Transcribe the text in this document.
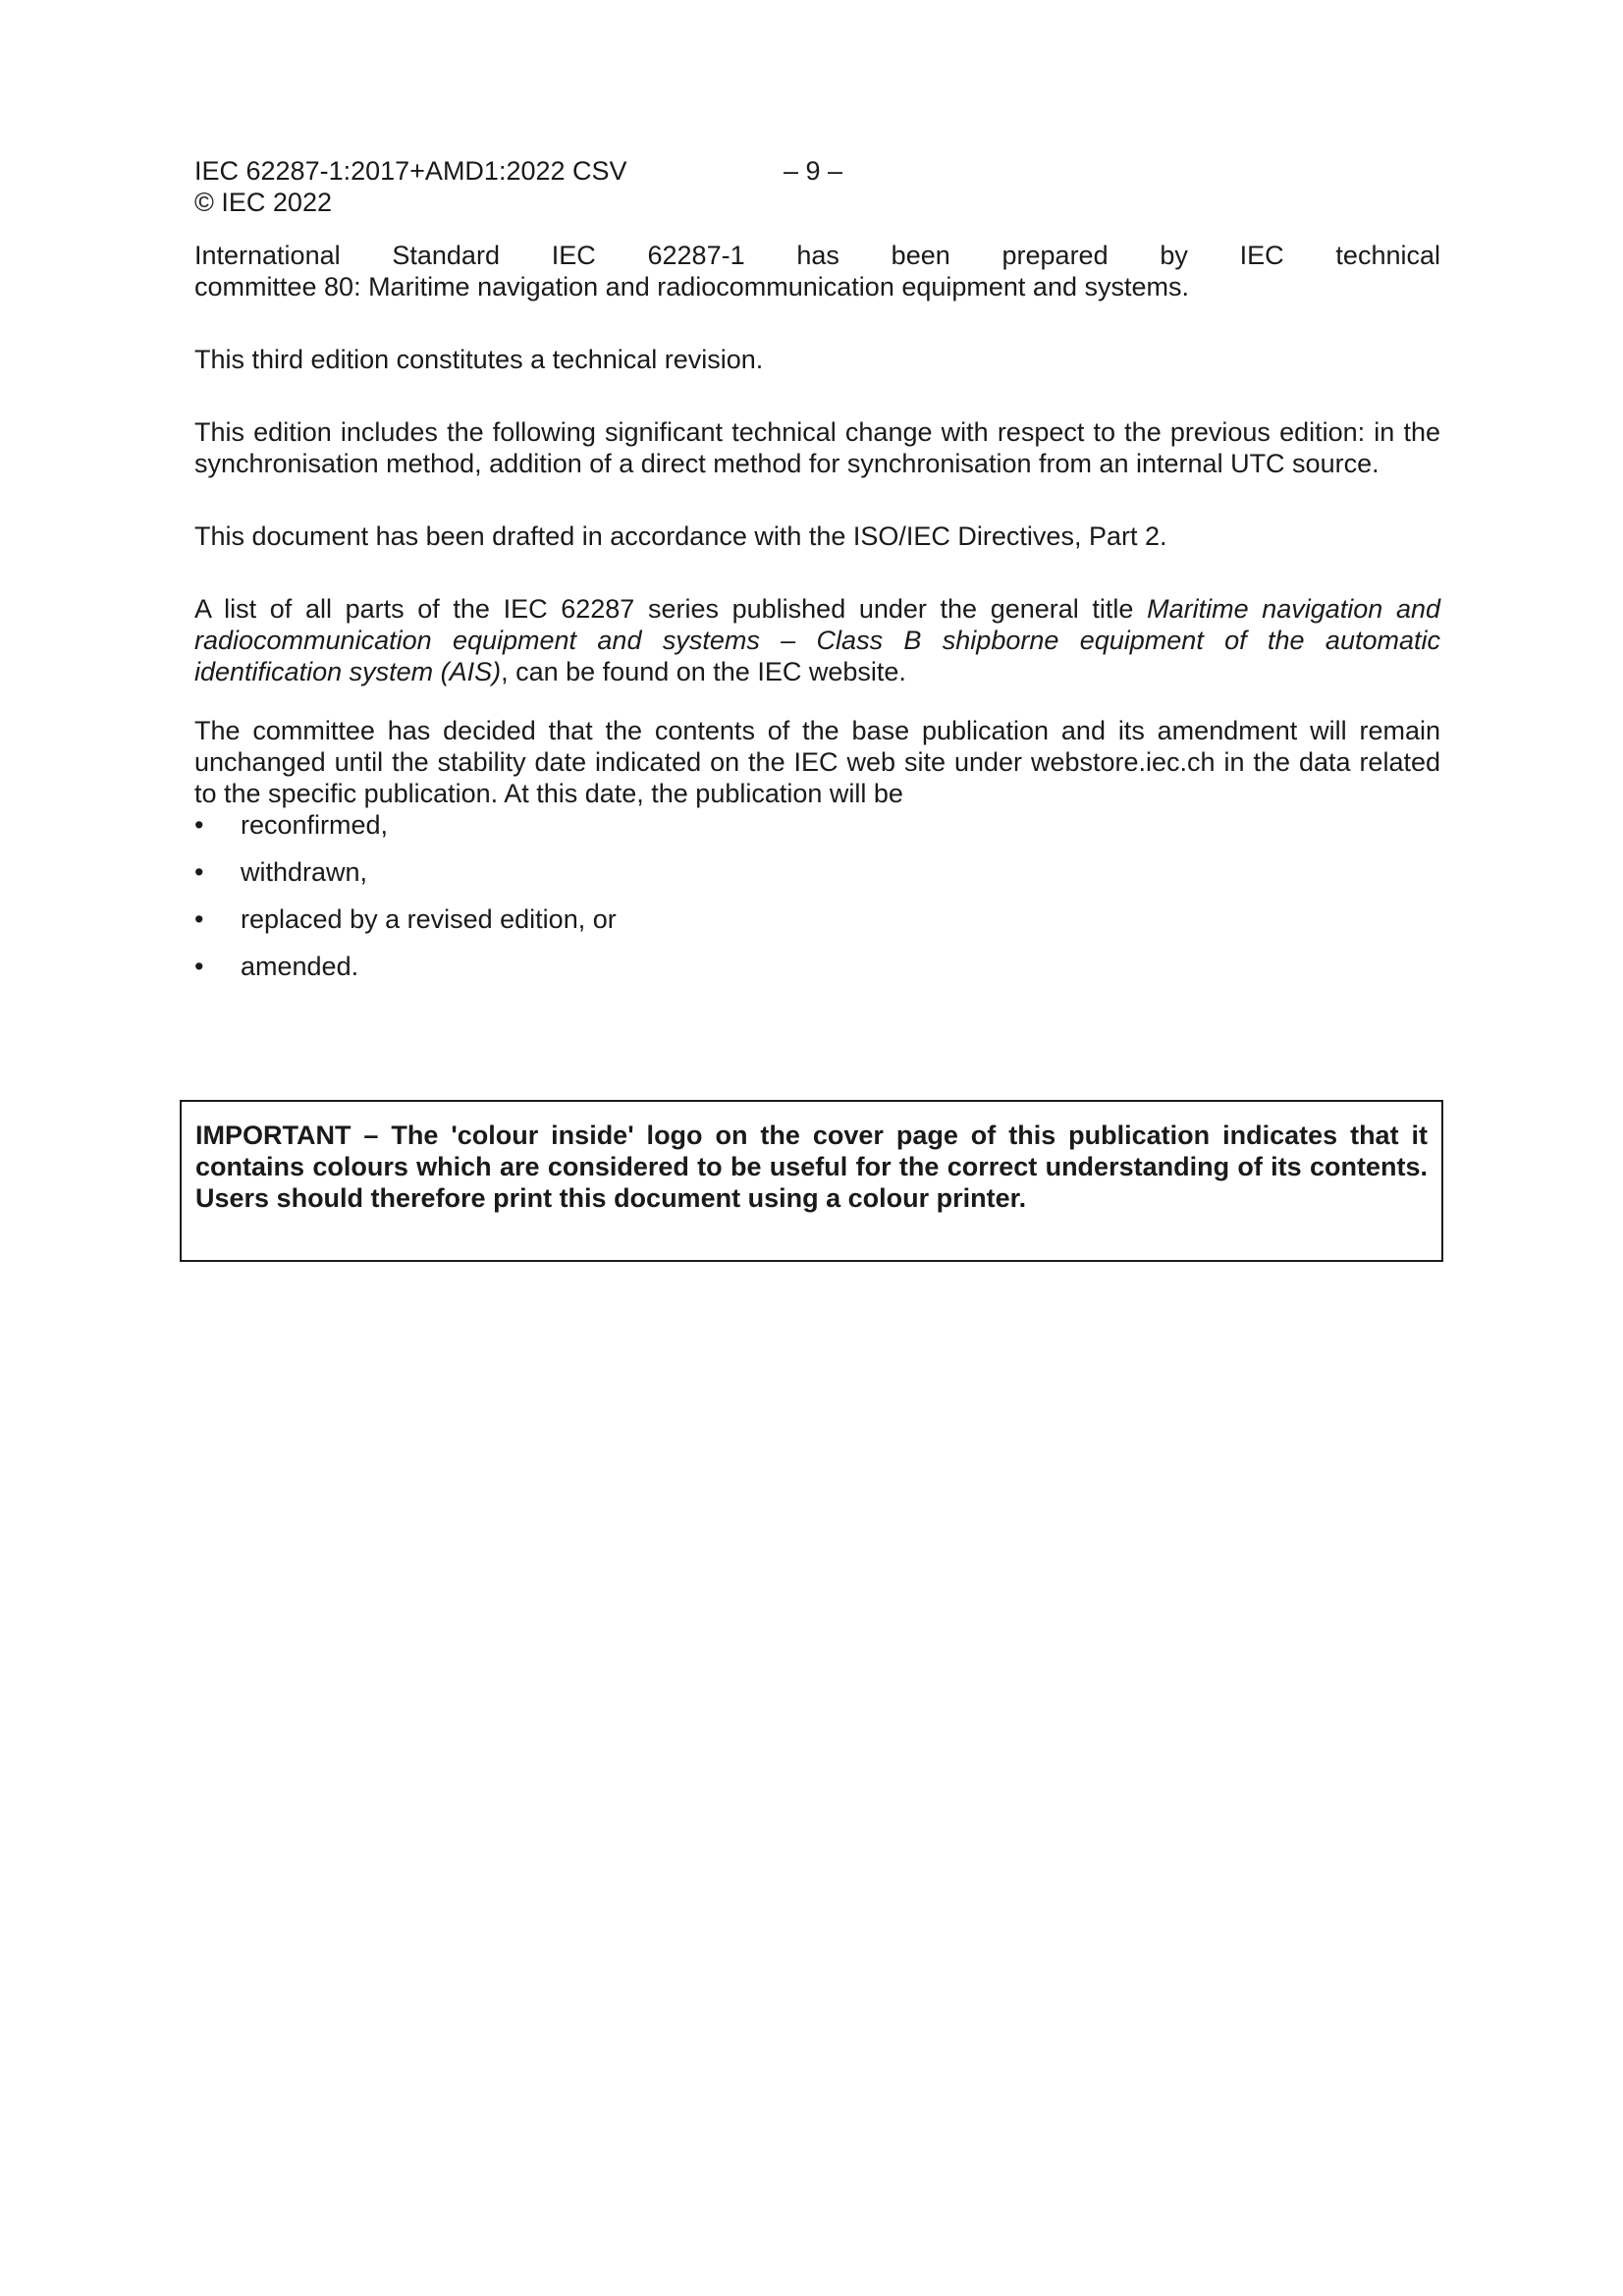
IEC 62287-1:2017+AMD1:2022 CSV
© IEC 2022
– 9 –

International Standard IEC 62287-1 has been prepared by IEC technical
committee 80: Maritime navigation and radiocommunication equipment and systems.

This third edition constitutes a technical revision.

This edition includes the following significant technical change with respect to the previous edition: in the synchronisation method, addition of a direct method for synchronisation from an internal UTC source.

This document has been drafted in accordance with the ISO/IEC Directives, Part 2.

A list of all parts of the IEC 62287 series published under the general title Maritime navigation and radiocommunication equipment and systems – Class B shipborne equipment of the automatic identification system (AIS), can be found on the IEC website.

The committee has decided that the contents of the base publication and its amendment will remain unchanged until the stability date indicated on the IEC web site under webstore.iec.ch in the data related to the specific publication. At this date, the publication will be

•	reconfirmed,
•	withdrawn,
•	replaced by a revised edition, or
•	amended.
IMPORTANT – The 'colour inside' logo on the cover page of this publication indicates that it contains colours which are considered to be useful for the correct understanding of its contents. Users should therefore print this document using a colour printer.
